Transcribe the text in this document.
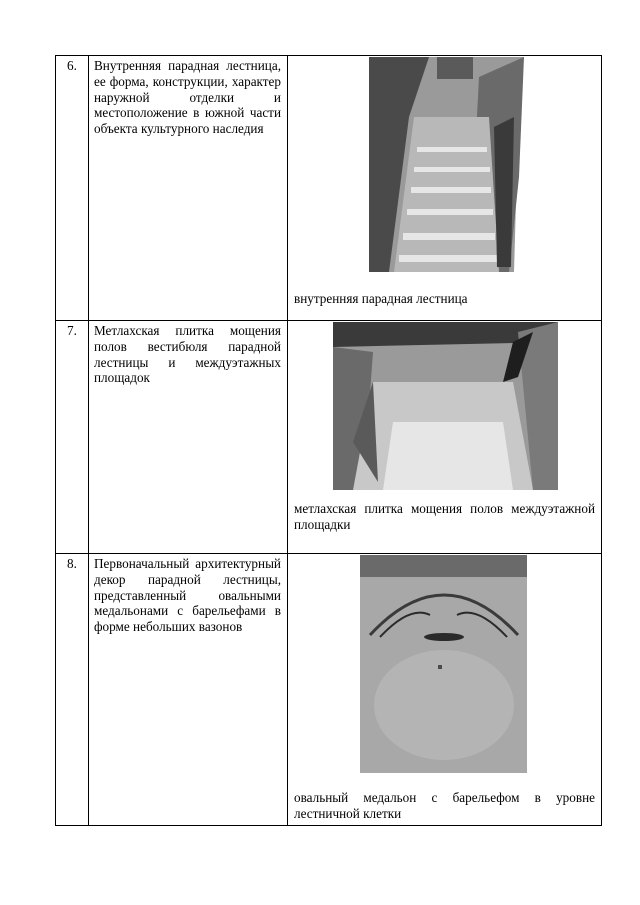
6.	Внутренняя парадная лестница, ее форма, конструкции, характер наружной отделки и местоположение в южной части объекта культурного наследия	внутренняя парадная лестница

7.	Метлахская плитка мощения полов вестибюля парадной лестницы и междуэтажных площадок	метлахская плитка мощения полов междуэтажной площадки

8.	Первоначальный архитектурный декор парадной лестницы, представленный овальными медальонами с барельефами в форме небольших вазонов	овальный медальон с барельефом в уровне лестничной клетки
